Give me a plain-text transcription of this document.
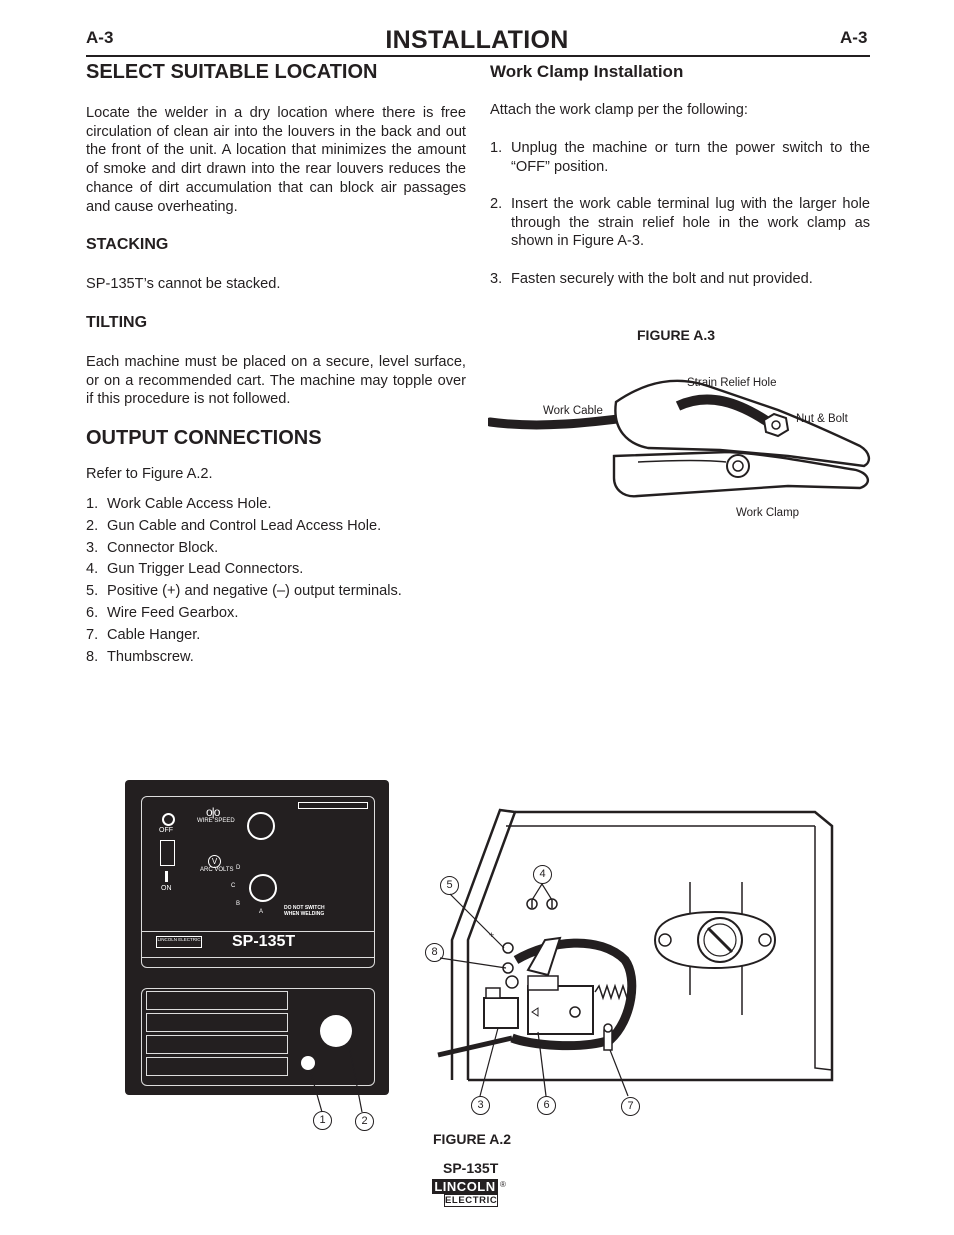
A-3	INSTALLATION	A-3
SELECT SUITABLE LOCATION
Locate the welder in a dry location where there is free circulation of clean air into the louvers in the back and out the front of the unit. A location that minimizes the amount of smoke and dirt drawn into the rear louvers reduces the chance of dirt accumulation that can block air passages and cause overheating.
STACKING
SP-135T’s cannot be stacked.
TILTING
Each machine must be placed on a secure, level surface, or on a recommended cart. The machine may topple over if this procedure is not followed.
OUTPUT CONNECTIONS
Refer to Figure A.2.
1. Work Cable Access Hole.
2. Gun Cable and Control Lead Access Hole.
3. Connector Block.
4. Gun Trigger Lead Connectors.
5. Positive (+) and negative (–) output terminals.
6. Wire Feed Gearbox.
7. Cable Hanger.
8. Thumbscrew.
Work Clamp Installation
Attach the work clamp per the following:
1. Unplug the machine or turn the power switch to the “OFF” position.
2. Insert the work cable terminal lug with the larger hole through the strain relief hole in the work clamp as shown in Figure A-3.
3. Fasten securely with the bolt and nut provided.
FIGURE A.3
Strain Relief Hole
Work Cable
Nut & Bolt
Work Clamp
OFF
ON
o|o
WIRE SPEED
V
ARC VOLTS D
C
B
A
DO NOT SWITCH
WHEN WELDING
LINCOLN ELECTRIC SP-135T
5
4
8
+
3	6	7
1	2
FIGURE A.2
SP-135T
LINCOLN
ELECTRIC
®
